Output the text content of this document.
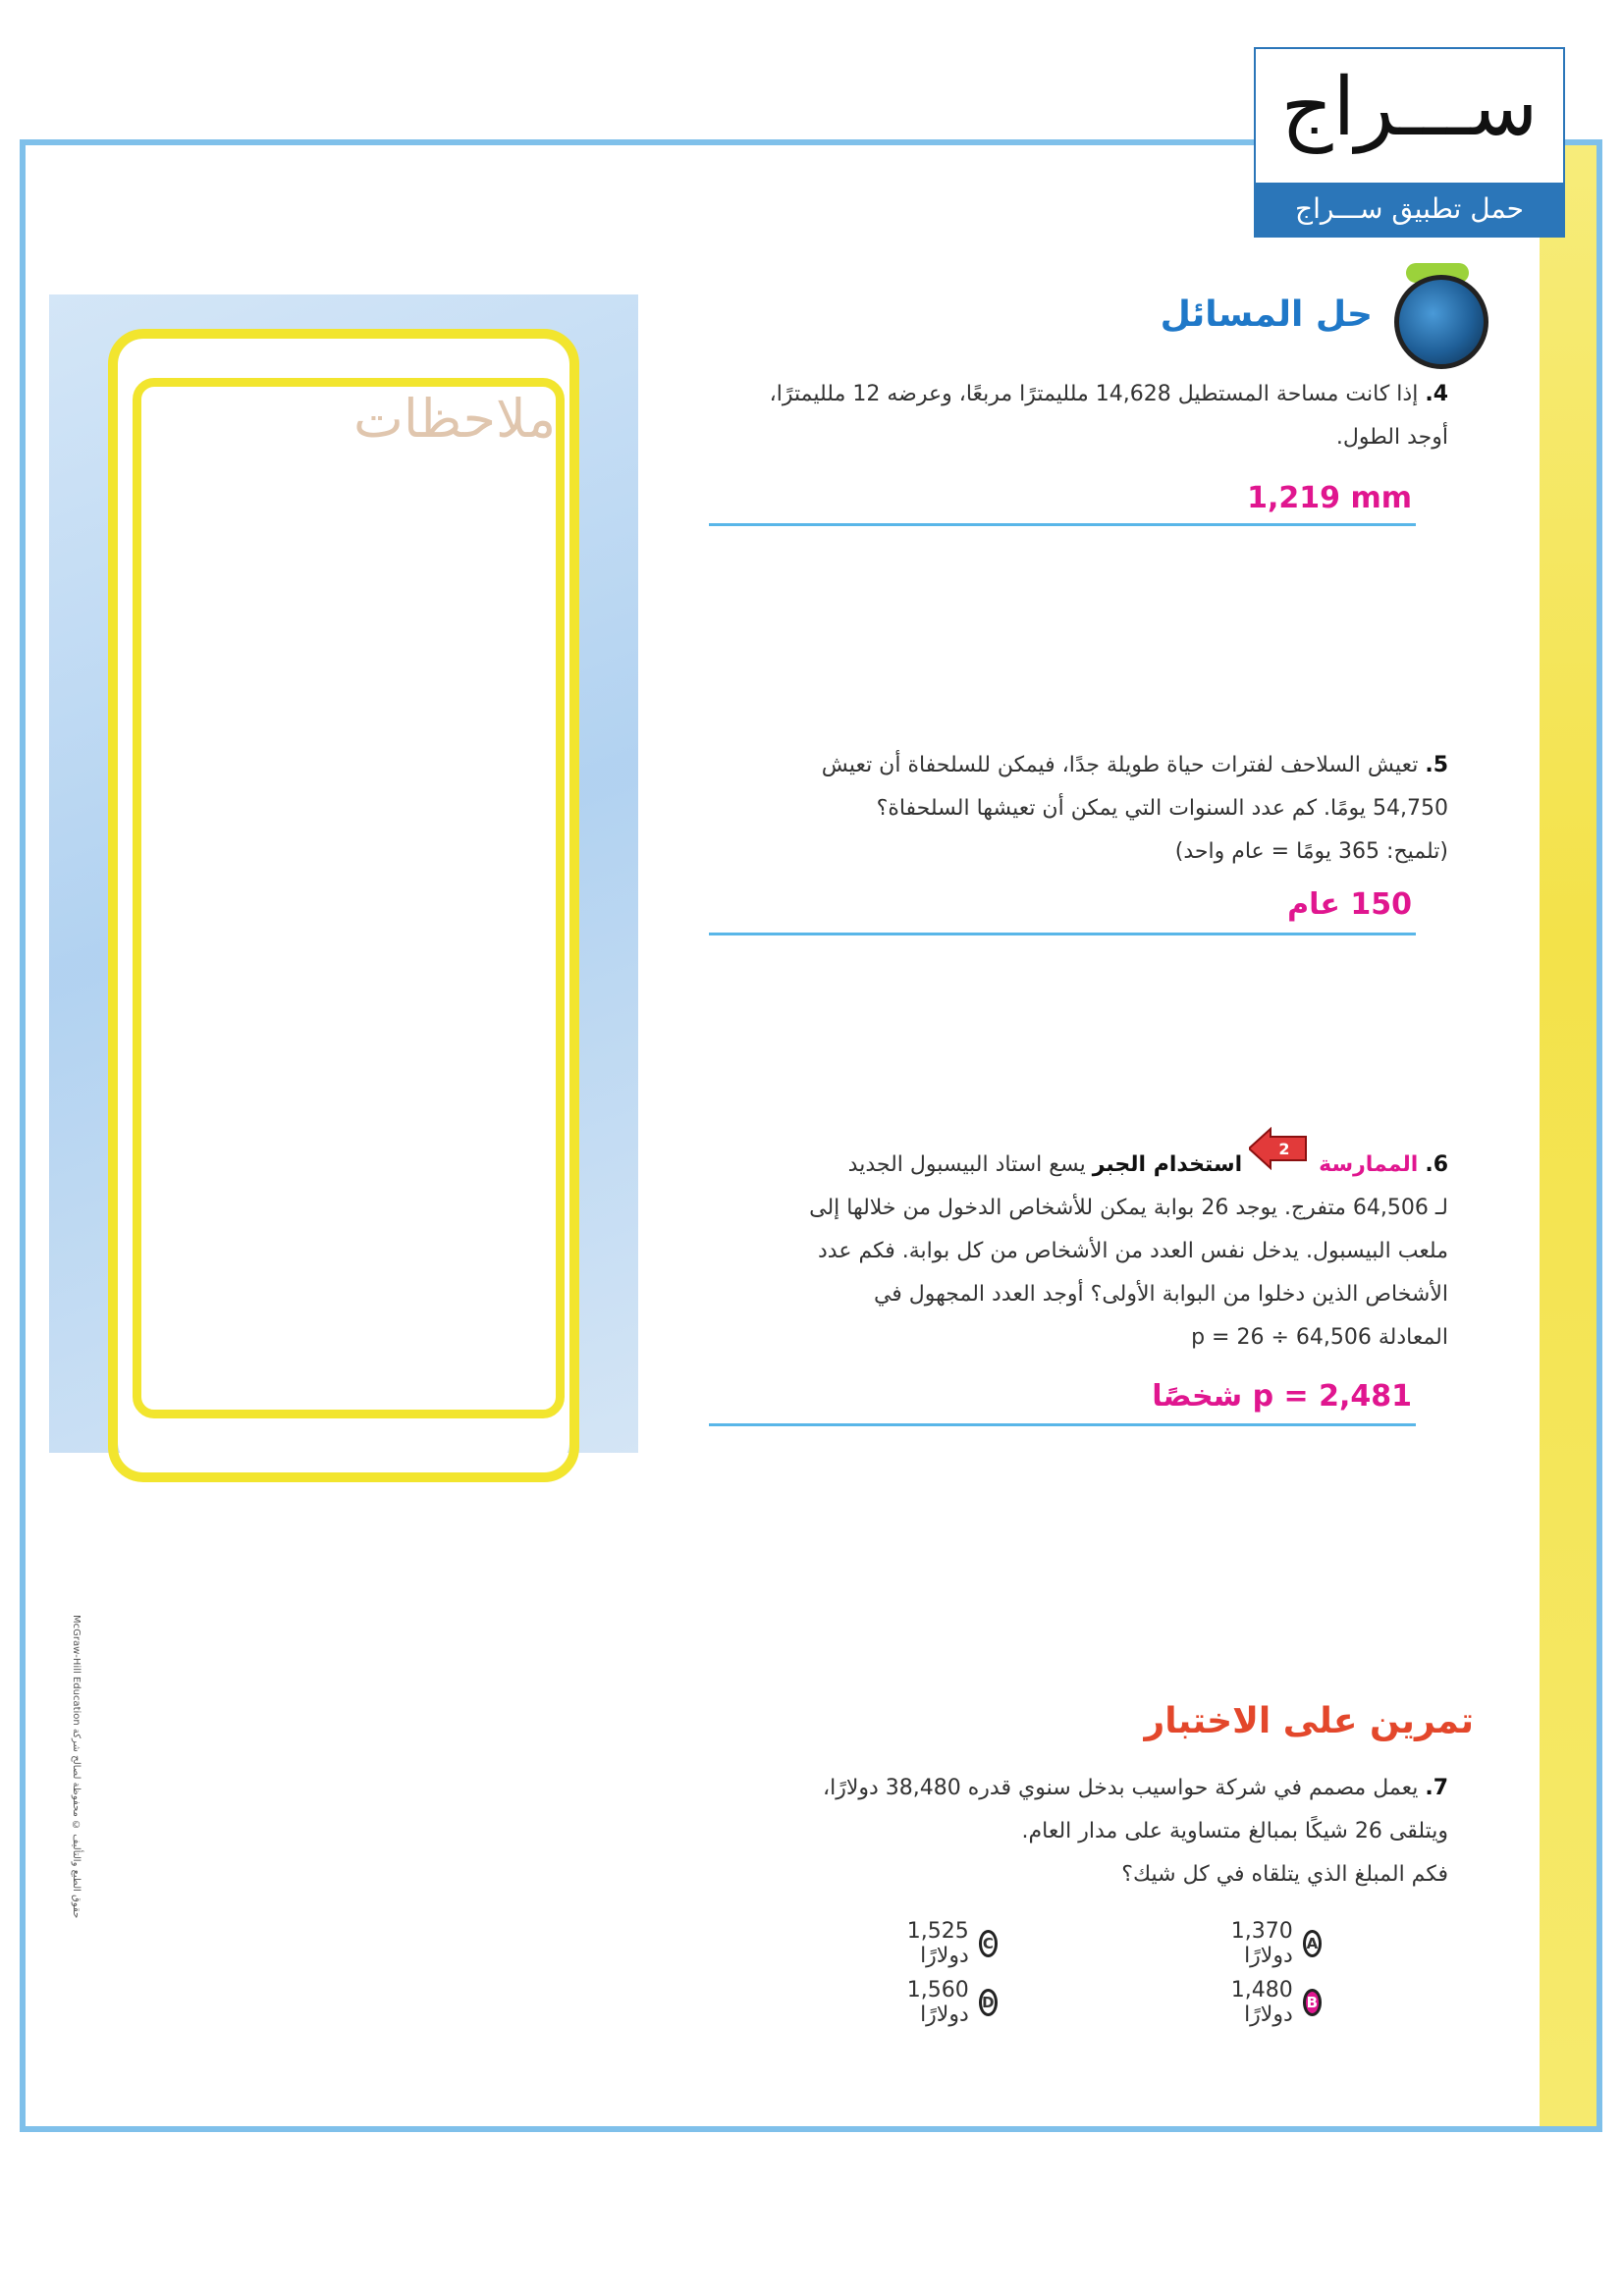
ســـراج
حمل تطبيق ســـراج
ملاحظات
حل المسائل
4. إذا كانت مساحة المستطيل 14,628 ملليمترًا مربعًا، وعرضه 12 ملليمترًا،
أوجد الطول.
1,219 mm
5. تعيش السلاحف لفترات حياة طويلة جدًا، فيمكن للسلحفاة أن تعيش
54,750 يومًا. كم عدد السنوات التي يمكن أن تعيشها السلحفاة؟
(تلميح: 365 يومًا = عام واحد)
150 عام
6. الممارسة  استخدام الجبر يسع استاد البيسبول الجديد
لـ 64,506 متفرج. يوجد 26 بوابة يمكن للأشخاص الدخول من خلالها إلى
ملعب البيسبول. يدخل نفس العدد من الأشخاص من كل بوابة. فكم عدد
الأشخاص الذين دخلوا من البوابة الأولى؟ أوجد العدد المجهول في
المعادلة p = 26 ÷ 64,506
2
p = 2,481 شخصًا
تمرين على الاختبار
7. يعمل مصمم في شركة حواسيب بدخل سنوي قدره 38,480 دولارًا،
ويتلقى 26 شيكًا بمبالغ متساوية على مدار العام.
فكم المبلغ الذي يتلقاه في كل شيك؟
A
1,370 دولارًا
C
1,525 دولارًا
B
1,480 دولارًا
D
1,560 دولارًا
حقوق الطبع والتأليف © محفوظة لصالح شركة McGraw-Hill Education
